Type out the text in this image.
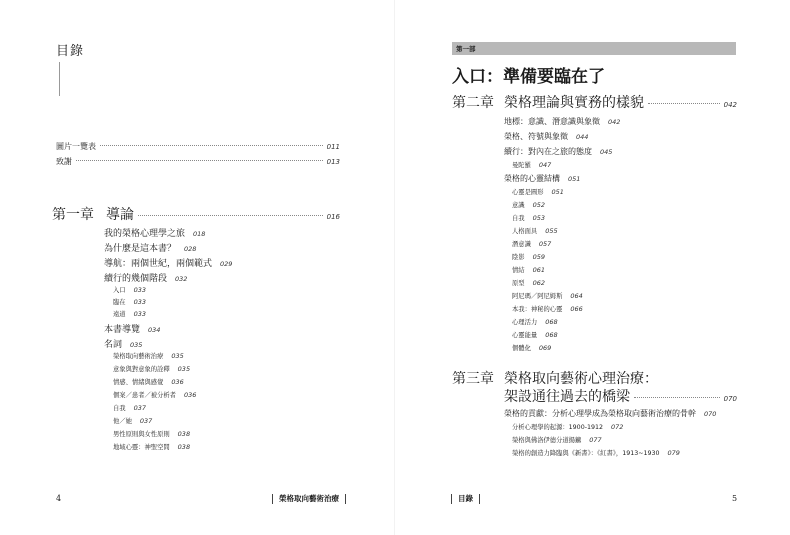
目錄
圖片一覽表	011
致謝	013
第一章 導論	016
我的榮格心理學之旅 018
為什麼是這本書？ 028
導航：兩個世紀，兩個範式 029
續行的幾個階段 032
入口 033
臨在 033
遠道 033
本書導覽 034
名詞 035
榮格取向藝術治療 035
意象與對意象的詮釋 035
情感、情緒與感覺 036
個案／患者／被分析者 036
自我 037
他／她 037
男性原則與女性原則 038
地域心靈：神聖空間 038
4	榮格取向藝術治療
第一部
入口：準備要臨在了
第二章 榮格理論與實務的樣貌	042
地標：意識、潛意識與象徵 042
榮格、符號與象徵 044
續行：對內在之旅的態度 045
曼陀羅 047
榮格的心靈結構 051
心靈是圓形 051
意識 052
自我 053
人格面具 055
潛意識 057
陰影 059
情結 061
原型 062
阿尼瑪／阿尼姆斯 064
本我：神秘的心靈 066
心理活力 068
心靈能量 068
個體化 069
第三章 榮格取向藝術心理治療：
架設通往過去的橋梁	070
榮格的貢獻：分析心理學成為榮格取向藝術治療的骨幹 070
分析心理學的起源：1900-1912 072
榮格與佛洛伊德分道揚鑣 077
榮格的創造力降臨與《新書》：《紅書》，1913~1930 079
目錄	5
